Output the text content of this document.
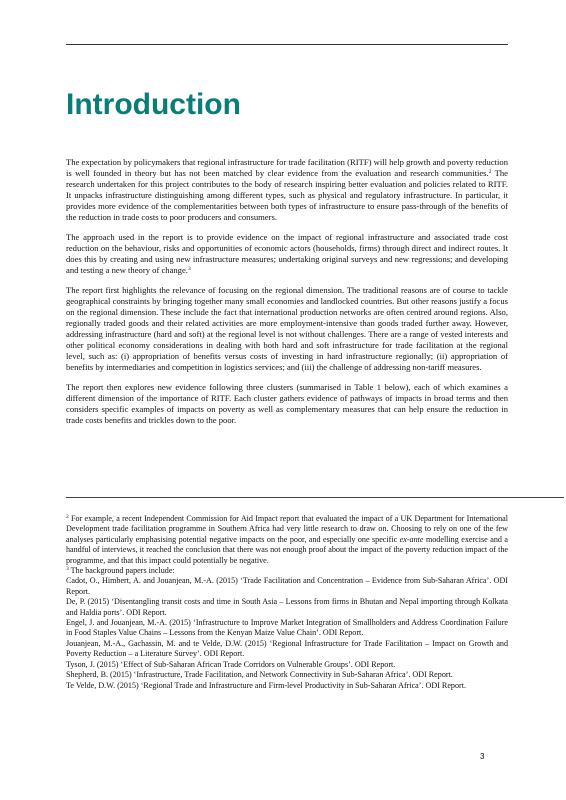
Introduction

The expectation by policymakers that regional infrastructure for trade facilitation (RITF) will help growth and poverty reduction is well founded in theory but has not been matched by clear evidence from the evaluation and research communities.$^2$ The research undertaken for this project contributes to the body of research inspiring better evaluation and policies related to RITF. It unpacks infrastructure distinguishing among different types, such as physical and regulatory infrastructure. In particular, it provides more evidence of the complementarities between both types of infrastructure to ensure pass-through of the benefits of the reduction in trade costs to poor producers and consumers.

The approach used in the report is to provide evidence on the impact of regional infrastructure and associated trade cost reduction on the behaviour, risks and opportunities of economic actors (households, firms) through direct and indirect routes. It does this by creating and using new infrastructure measures; undertaking original surveys and new regressions; and developing and testing a new theory of change.$^3$

The report first highlights the relevance of focusing on the regional dimension. The traditional reasons are of course to tackle geographical constraints by bringing together many small economies and landlocked countries. But other reasons justify a focus on the regional dimension. These include the fact that international production networks are often centred around regions. Also, regionally traded goods and their related activities are more employment-intensive than goods traded further away. However, addressing infrastructure (hard and soft) at the regional level is not without challenges. There are a range of vested interests and other political economy considerations in dealing with both hard and soft infrastructure for trade facilitation at the regional level, such as: (i) appropriation of benefits versus costs of investing in hard infrastructure regionally; (ii) appropriation of benefits by intermediaries and competition in logistics services; and (iii) the challenge of addressing non-tariff measures.

The report then explores new evidence following three clusters (summarised in Table 1 below), each of which examines a different dimension of the importance of RITF. Each cluster gathers evidence of pathways of impacts in broad terms and then considers specific examples of impacts on poverty as well as complementary measures that can help ensure the reduction in trade costs benefits and trickles down to the poor.

$^2$ For example, a recent Independent Commission for Aid Impact report that evaluated the impact of a UK Department for International Development trade facilitation programme in Southern Africa had very little research to draw on. Choosing to rely on one of the few analyses particularly emphasising potential negative impacts on the poor, and especially one specific ex-ante modelling exercise and a handful of interviews, it reached the conclusion that there was not enough proof about the impact of the poverty reduction impact of the programme, and that this impact could potentially be negative.

$^3$ The background papers include:

Cadot, O., Himbert, A. and Jouanjean, M.-A. (2015) ‘Trade Facilitation and Concentration – Evidence from Sub-Saharan Africa’. ODI Report.

De, P. (2015) ‘Disentangling transit costs and time in South Asia – Lessons from firms in Bhutan and Nepal importing through Kolkata and Haldia ports’. ODI Report.

Engel, J. and Jouanjean, M.-A. (2015) ‘Infrastructure to Improve Market Integration of Smallholders and Address Coordination Failure in Food Staples Value Chains – Lessons from the Kenyan Maize Value Chain’. ODI Report.

Jouanjean, M.-A., Gachassin, M. and te Velde, D.W. (2015) ‘Regional Infrastructure for Trade Facilitation – Impact on Growth and Poverty Reduction – a Literature Survey’. ODI Report.

Tyson, J. (2015) ‘Effect of Sub-Saharan African Trade Corridors on Vulnerable Groups’. ODI Report.

Shepherd, B. (2015) ‘Infrastructure, Trade Facilitation, and Network Connectivity in Sub-Saharan Africa’. ODI Report.

Te Velde, D.W. (2015) ‘Regional Trade and Infrastructure and Firm-level Productivity in Sub-Saharan Africa’. ODI Report.

3
